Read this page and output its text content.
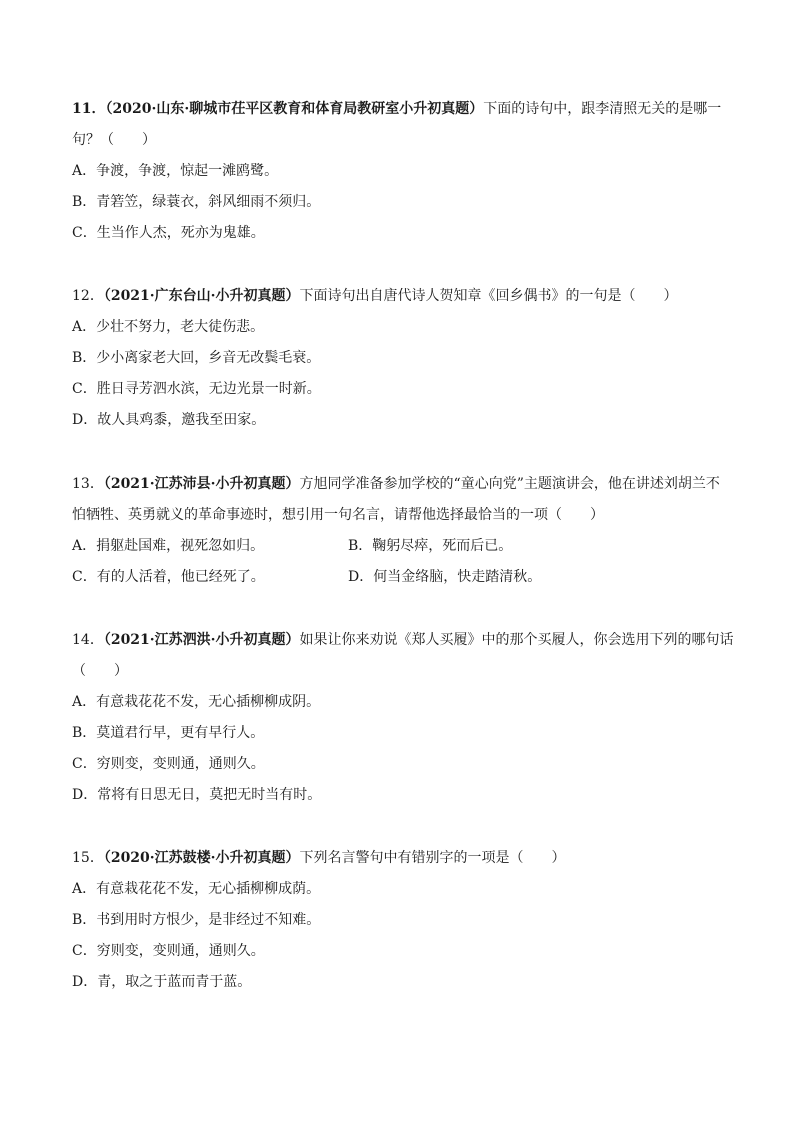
11．（2020·山东·聊城市茌平区教育和体育局教研室小升初真题）下面的诗句中，跟李清照无关的是哪一
句？（　　）
A．争渡，争渡，惊起一滩鸥鹭。
B．青箬笠，绿蓑衣，斜风细雨不须归。
C．生当作人杰，死亦为鬼雄。
12．（2021·广东台山·小升初真题）下面诗句出自唐代诗人贺知章《回乡偶书》的一句是（　　）
A．少壮不努力，老大徒伤悲。
B．少小离家老大回，乡音无改鬓毛衰。
C．胜日寻芳泗水滨，无边光景一时新。
D．故人具鸡黍，邀我至田家。
13．（2021·江苏沛县·小升初真题）方旭同学准备参加学校的“童心向党”主题演讲会，他在讲述刘胡兰不
怕牺牲、英勇就义的革命事迹时，想引用一句名言，请帮他选择最恰当的一项（　　）
A．捐躯赴国难，视死忽如归。	B．鞠躬尽瘁，死而后已。
C．有的人活着，他已经死了。	D．何当金络脑，快走踏清秋。
14．（2021·江苏泗洪·小升初真题）如果让你来劝说《郑人买履》中的那个买履人，你会选用下列的哪句话
（　　）
A．有意栽花花不发，无心插柳柳成阴。
B．莫道君行早，更有早行人。
C．穷则变，变则通，通则久。
D．常将有日思无日，莫把无时当有时。
15．（2020·江苏鼓楼·小升初真题）下列名言警句中有错别字的一项是（　　）
A．有意栽花花不发，无心插柳柳成荫。
B．书到用时方恨少，是非经过不知难。
C．穷则变，变则通，通则久。
D．青，取之于蓝而青于蓝。
